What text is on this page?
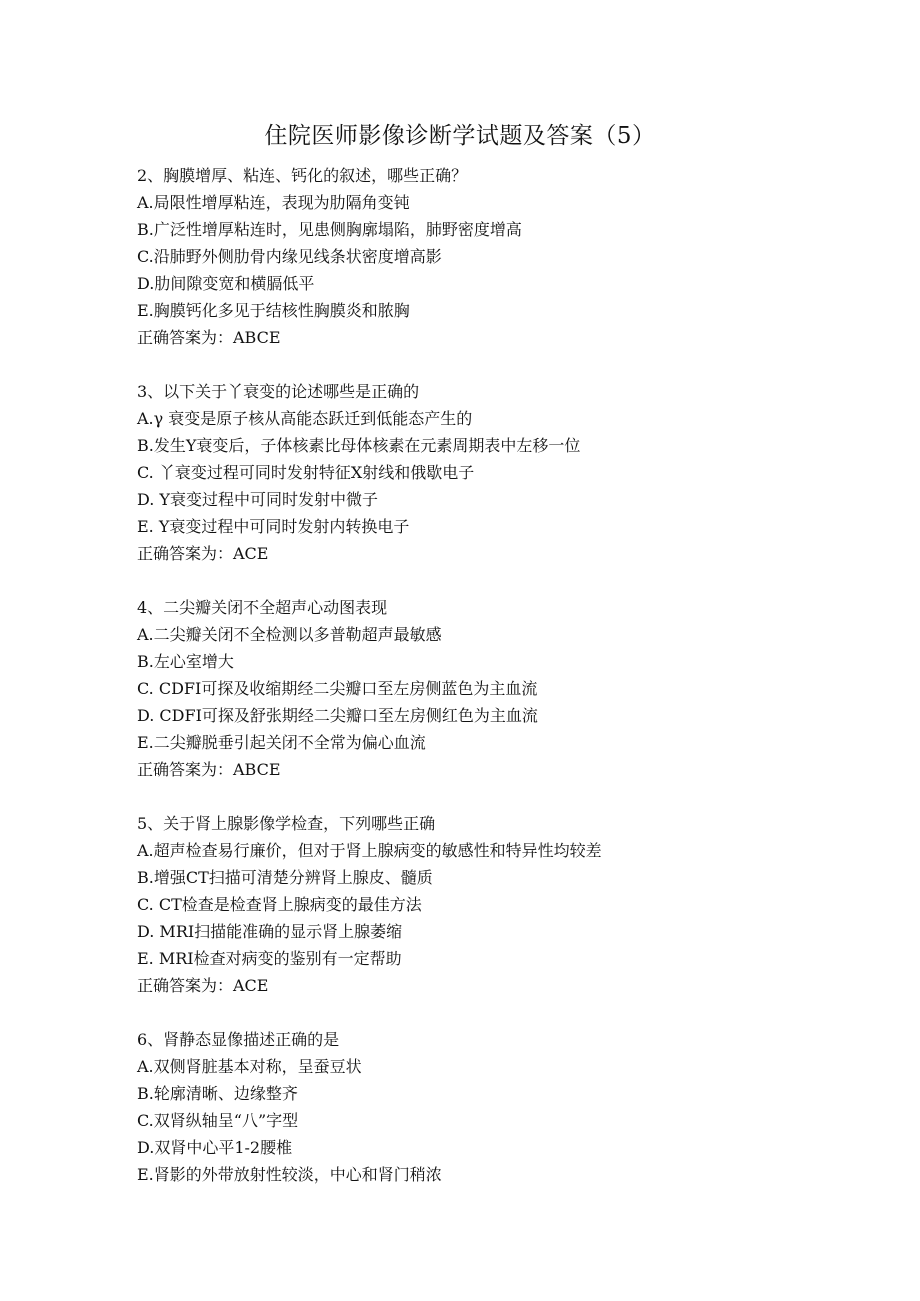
住院医师影像诊断学试题及答案（5）
2、胸膜增厚、粘连、钙化的叙述，哪些正确？
A.局限性增厚粘连，表现为肋隔角变钝
B.广泛性增厚粘连时，见患侧胸廓塌陷，肺野密度增高
C.沿肺野外侧肋骨内缘见线条状密度增高影
D.肋间隙变宽和横膈低平
E.胸膜钙化多见于结核性胸膜炎和脓胸
正确答案为：ABCE
3、以下关于丫衰变的论述哪些是正确的
A.γ 衰变是原子核从高能态跃迁到低能态产生的
B.发生Y衰变后，子体核素比母体核素在元素周期表中左移一位
C. 丫衰变过程可同时发射特征X射线和俄歇电子
D. Y衰变过程中可同时发射中微子
E. Y衰变过程中可同时发射内转换电子
正确答案为：ACE
4、二尖瓣关闭不全超声心动图表现
A.二尖瓣关闭不全检测以多普勒超声最敏感
B.左心室增大
C. CDFI可探及收缩期经二尖瓣口至左房侧蓝色为主血流
D. CDFI可探及舒张期经二尖瓣口至左房侧红色为主血流
E.二尖瓣脱垂引起关闭不全常为偏心血流
正确答案为：ABCE
5、关于肾上腺影像学检查，下列哪些正确
A.超声检查易行廉价，但对于肾上腺病变的敏感性和特异性均较差
B.增强CT扫描可清楚分辨肾上腺皮、髓质
C. CT检查是检查肾上腺病变的最佳方法
D. MRI扫描能准确的显示肾上腺萎缩
E. MRI检查对病变的鉴别有一定帮助
正确答案为：ACE
6、肾静态显像描述正确的是
A.双侧肾脏基本对称，呈蚕豆状
B.轮廓清晰、边缘整齐
C.双肾纵轴呈“八”字型
D.双肾中心平1-2腰椎
E.肾影的外带放射性较淡，中心和肾门稍浓
